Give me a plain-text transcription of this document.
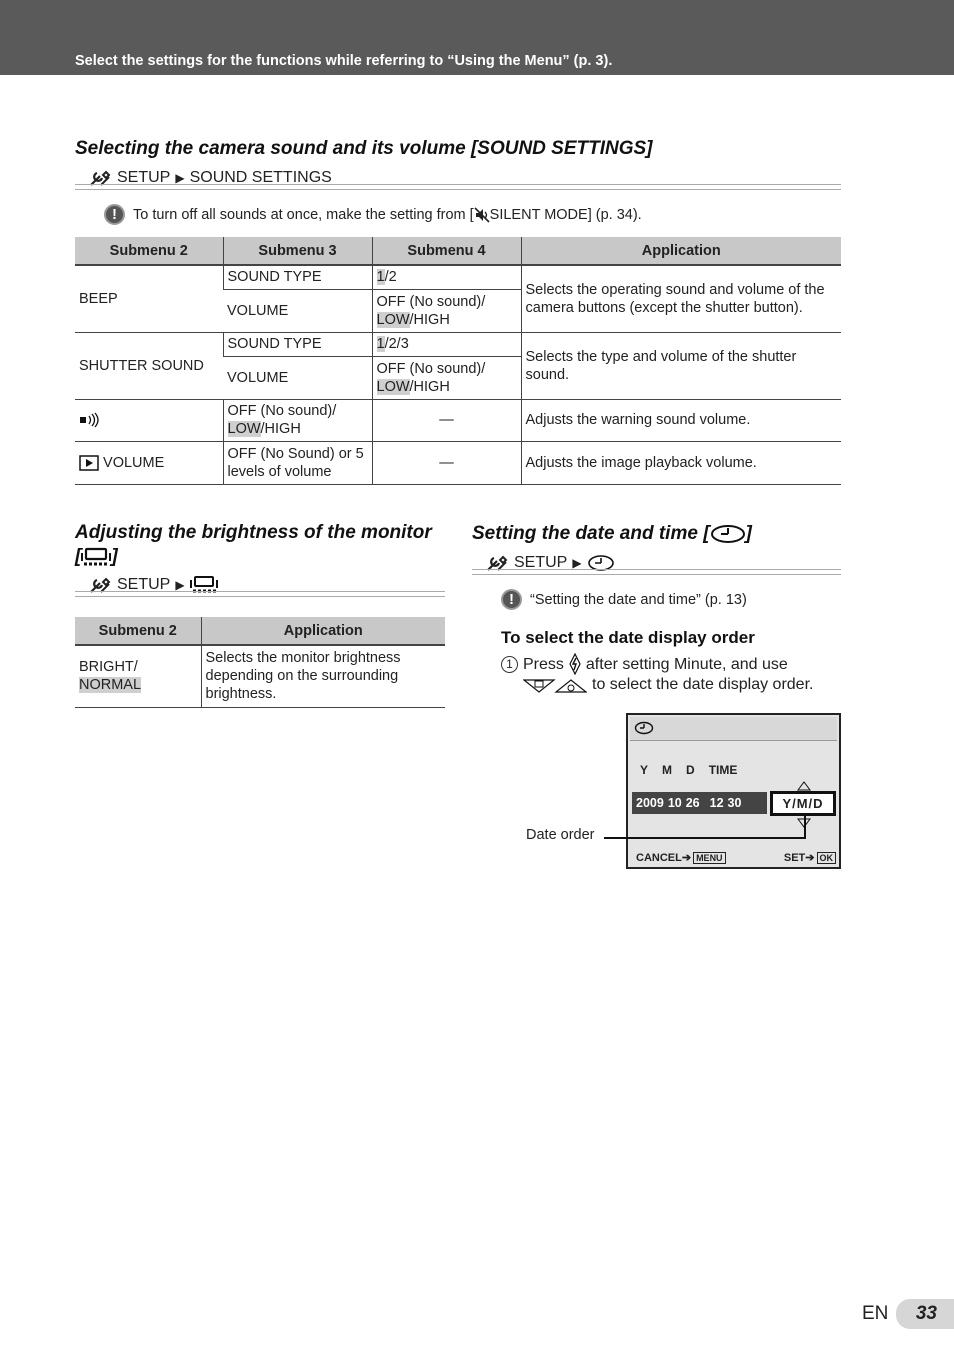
Select the settings for the functions while referring to “Using the Menu” (p. 3).
Selecting the camera sound and its volume [SOUND SETTINGS]
SETUP ▶ SOUND SETTINGS
!	To turn off all sounds at once, make the setting from [ SILENT MODE] (p. 34).
Submenu 2	Submenu 3	Submenu 4	Application
BEEP	SOUND TYPE	1/2	Selects the operating sound and volume of the camera buttons (except the shutter button).
	VOLUME	OFF (No sound)/
LOW/HIGH	
SHUTTER SOUND	SOUND TYPE	1/2/3	Selects the type and volume of the shutter sound.
	VOLUME	OFF (No sound)/
LOW/HIGH	
	OFF (No sound)/
LOW/HIGH	—	Adjusts the warning sound volume.
VOLUME	OFF (No Sound) or 5 levels of volume	—	Adjusts the image playback volume.
Adjusting the brightness of the monitor
[ ]
SETUP ▶
Submenu 2	Application
BRIGHT/
NORMAL	Selects the monitor brightness depending on the surrounding brightness.
Setting the date and time [ ]
SETUP ▶
!	“Setting the date and time” (p. 13)
To select the date display order
1 Press after setting Minute, and use
to select the date display order.
Y M D TIME
2009 10 26 12 30	Y/M/D
CANCEL➔ MENU	SET➔ OK
Date order
EN	33
